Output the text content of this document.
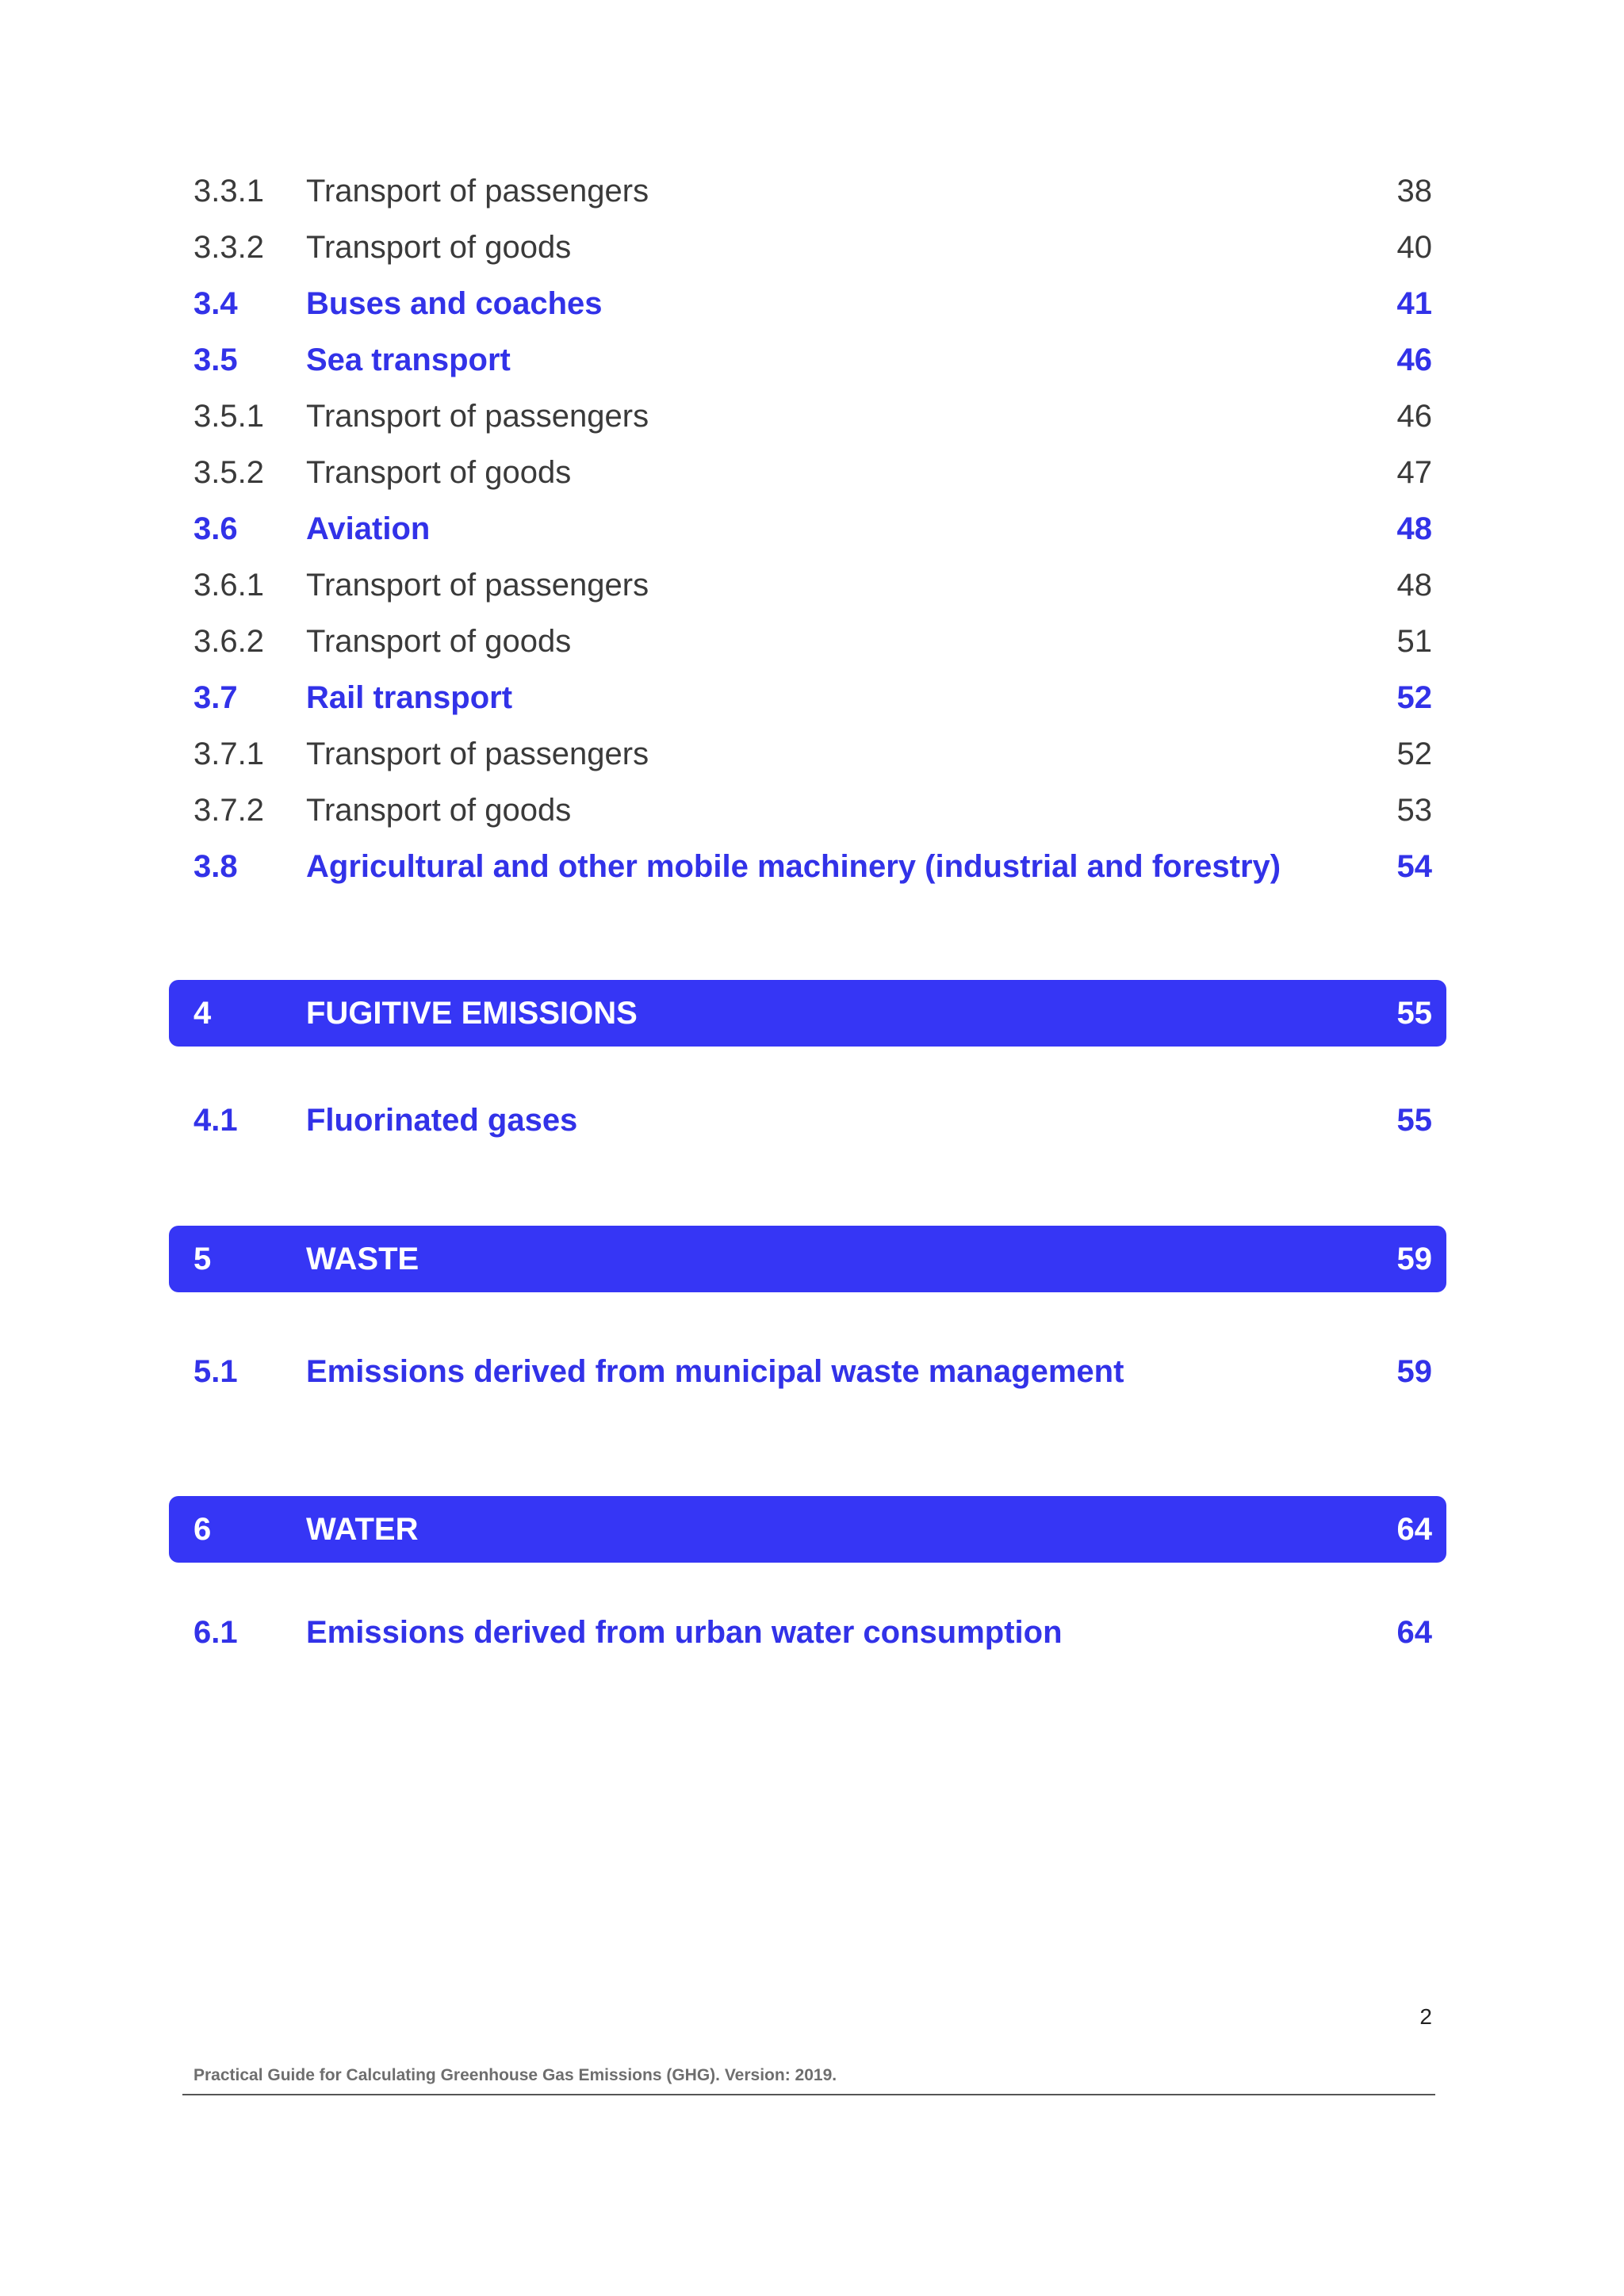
3.3.1	Transport of passengers	38
3.3.2	Transport of goods	40
3.4	Buses and coaches	41
3.5	Sea transport	46
3.5.1	Transport of passengers	46
3.5.2	Transport of goods	47
3.6	Aviation	48
3.6.1	Transport of passengers	48
3.6.2	Transport of goods	51
3.7	Rail transport	52
3.7.1	Transport of passengers	52
3.7.2	Transport of goods	53
3.8	Agricultural and other mobile machinery (industrial and forestry)	54
4	FUGITIVE EMISSIONS	55
4.1	Fluorinated gases	55
5	WASTE	59
5.1	Emissions derived from municipal waste management	59
6	WATER	64
6.1	Emissions derived from urban water consumption	64
2
Practical Guide for Calculating Greenhouse Gas Emissions (GHG). Version: 2019.
